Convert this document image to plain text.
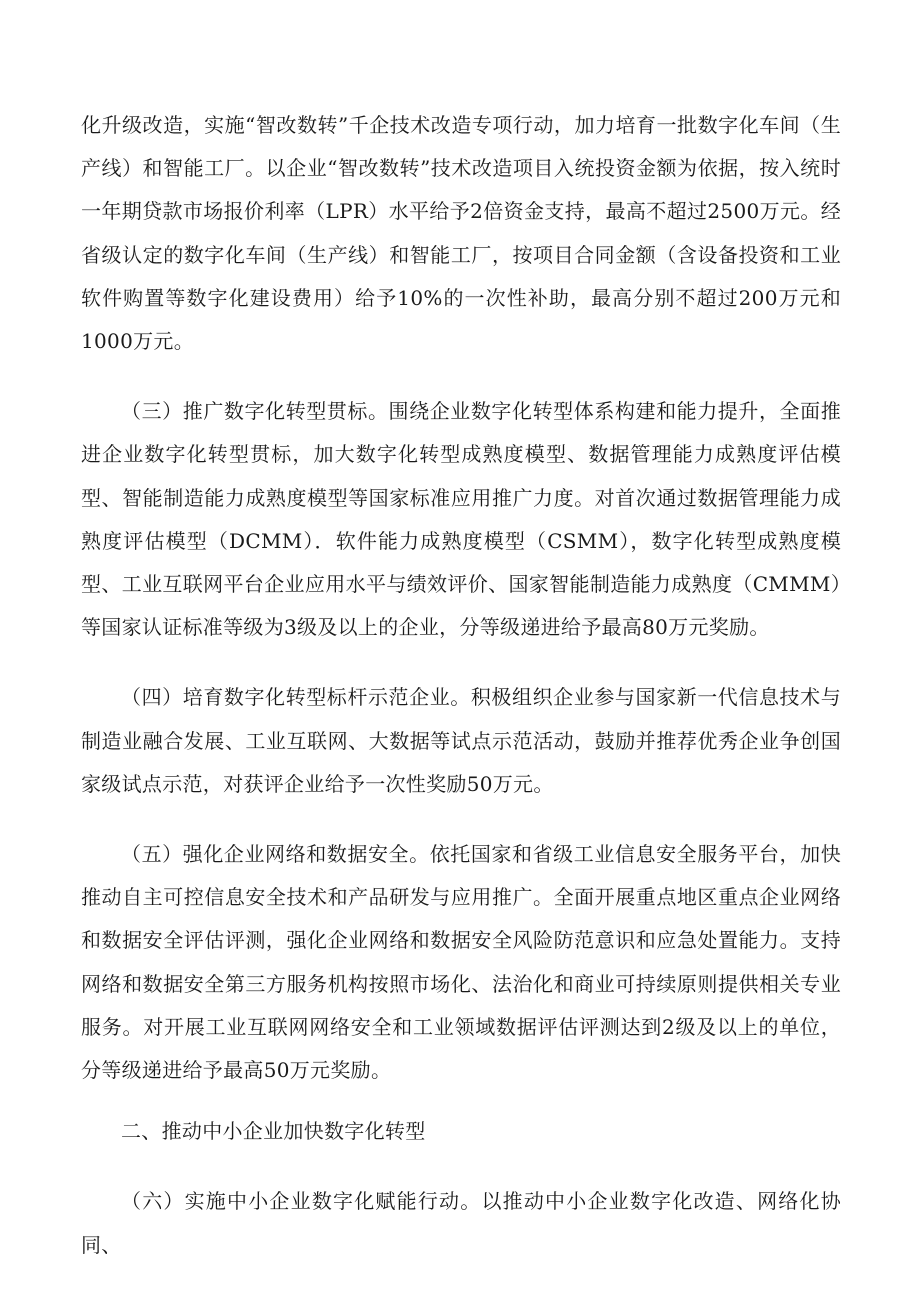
化升级改造，实施“智改数转”千企技术改造专项行动，加力培育一批数字化车间（生产线）和智能工厂。以企业“智改数转”技术改造项目入统投资金额为依据，按入统时一年期贷款市场报价利率（LPR）水平给予2倍资金支持，最高不超过2500万元。经省级认定的数字化车间（生产线）和智能工厂，按项目合同金额（含设备投资和工业软件购置等数字化建设费用）给予10%的一次性补助，最高分别不超过200万元和1000万元。

（三）推广数字化转型贯标。围绕企业数字化转型体系构建和能力提升，全面推进企业数字化转型贯标，加大数字化转型成熟度模型、数据管理能力成熟度评估模型、智能制造能力成熟度模型等国家标准应用推广力度。对首次通过数据管理能力成熟度评估模型（DCMM）．软件能力成熟度模型（CSMM），数字化转型成熟度模型、工业互联网平台企业应用水平与绩效评价、国家智能制造能力成熟度（CMMM）等国家认证标准等级为3级及以上的企业，分等级递进给予最高80万元奖励。

（四）培育数字化转型标杆示范企业。积极组织企业参与国家新一代信息技术与制造业融合发展、工业互联网、大数据等试点示范活动，鼓励并推荐优秀企业争创国家级试点示范，对获评企业给予一次性奖励50万元。

（五）强化企业网络和数据安全。依托国家和省级工业信息安全服务平台，加快推动自主可控信息安全技术和产品研发与应用推广。全面开展重点地区重点企业网络和数据安全评估评测，强化企业网络和数据安全风险防范意识和应急处置能力。支持网络和数据安全第三方服务机构按照市场化、法治化和商业可持续原则提供相关专业服务。对开展工业互联网网络安全和工业领域数据评估评测达到2级及以上的单位，分等级递进给予最高50万元奖励。

二、推动中小企业加快数字化转型

（六）实施中小企业数字化赋能行动。以推动中小企业数字化改造、网络化协同、
